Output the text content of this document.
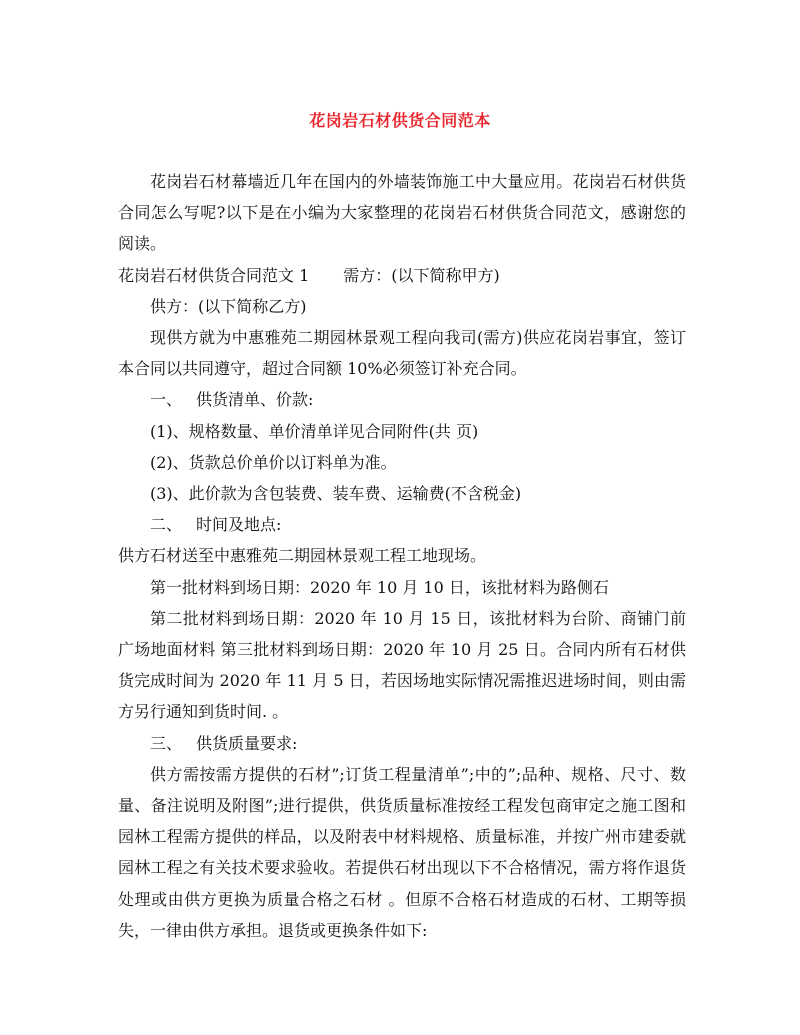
花岗岩石材供货合同范本

花岗岩石材幕墙近几年在国内的外墙装饰施工中大量应用。花岗岩石材供货合同怎么写呢?以下是在小编为大家整理的花岗岩石材供货合同范文，感谢您的阅读。

花岗岩石材供货合同范文 1 需方：(以下简称甲方)

供方：(以下简称乙方)

现供方就为中惠雅苑二期园林景观工程向我司(需方)供应花岗岩事宜，签订本合同以共同遵守，超过合同额 10%必须签订补充合同。

一、 供货清单、价款:

(1)、规格数量、单价清单详见合同附件(共 页)

(2)、货款总价单价以订料单为准。

(3)、此价款为含包装费、装车费、运输费(不含税金)

二、 时间及地点:

供方石材送至中惠雅苑二期园林景观工程工地现场。

第一批材料到场日期：2020 年 10 月 10 日，该批材料为路侧石

第二批材料到场日期：2020 年 10 月 15 日，该批材料为台阶、商铺门前广场地面材料 第三批材料到场日期：2020 年 10 月 25 日。合同内所有石材供货完成时间为 2020 年 11 月 5 日，若因场地实际情况需推迟进场时间，则由需方另行通知到货时间. 。

三、 供货质量要求:

供方需按需方提供的石材”;订货工程量清单”;中的”;品种、规格、尺寸、数量、备注说明及附图”;进行提供，供货质量标准按经工程发包商审定之施工图和园林工程需方提供的样品，以及附表中材料规格、质量标准，并按广州市建委就园林工程之有关技术要求验收。若提供石材出现以下不合格情况，需方将作退货处理或由供方更换为质量合格之石材 。但原不合格石材造成的石材、工期等损失，一律由供方承担。退货或更换条件如下:
